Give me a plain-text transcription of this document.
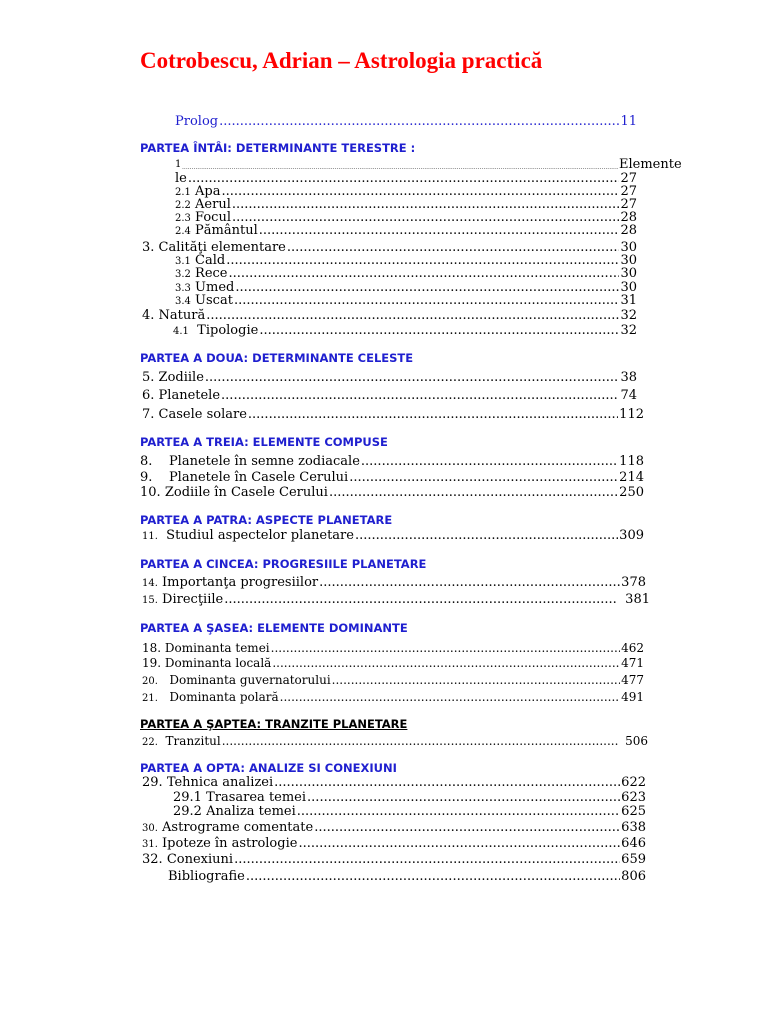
Cotrobescu, Adrian – Astrologia practică
Prolog .....	11
PARTEA ÎNTÂI: DETERMINANTE TERESTRE :
1 .....	Elemente
le .....	27
2.1 Apa .....	27
2.2 Aerul .....	27
2.3 Focul .....	28
2.4 Pământul .....	28
3. Calităţi elementare .....	30
3.1 Cald .....	30
3.2 Rece .....	30
3.3 Umed .....	30
3.4 Uscat .....	31
4. Natură .....	32
4.1 Tipologie .....	32
PARTEA A DOUA: DETERMINANTE CELESTE
5. Zodiile .....	38
6. Planetele .....	74
7. Casele solare .....	112
PARTEA A TREIA: ELEMENTE COMPUSE
8. Planetele în semne zodiacale .....	118
9. Planetele în Casele Cerului .....	214
10. Zodiile în Casele Cerului .....	250
PARTEA A PATRA: ASPECTE PLANETARE
11. Studiul aspectelor planetare .....	309
PARTEA A CINCEA: PROGRESIILE PLANETARE
14. Importanţa progresiilor .....	378
15. Direcţiile .....	381
PARTEA A ŞASEA: ELEMENTE DOMINANTE
18. Dominanta temei .....	462
19. Dominanta locală .....	471
20. Dominanta guvernatorului .....	477
21. Dominanta polară .....	491
PARTEA A ŞAPTEA: TRANZITE PLANETARE
22. Tranzitul .....	506
PARTEA A OPTA: ANALIZE SI CONEXIUNI
29. Tehnica analizei .....	622
29.1 Trasarea temei .....	623
29.2 Analiza temei .....	625
30. Astrograme comentate .....	638
31. Ipoteze în astrologie .....	646
32. Conexiuni .....	659
Bibliografie .....	806
